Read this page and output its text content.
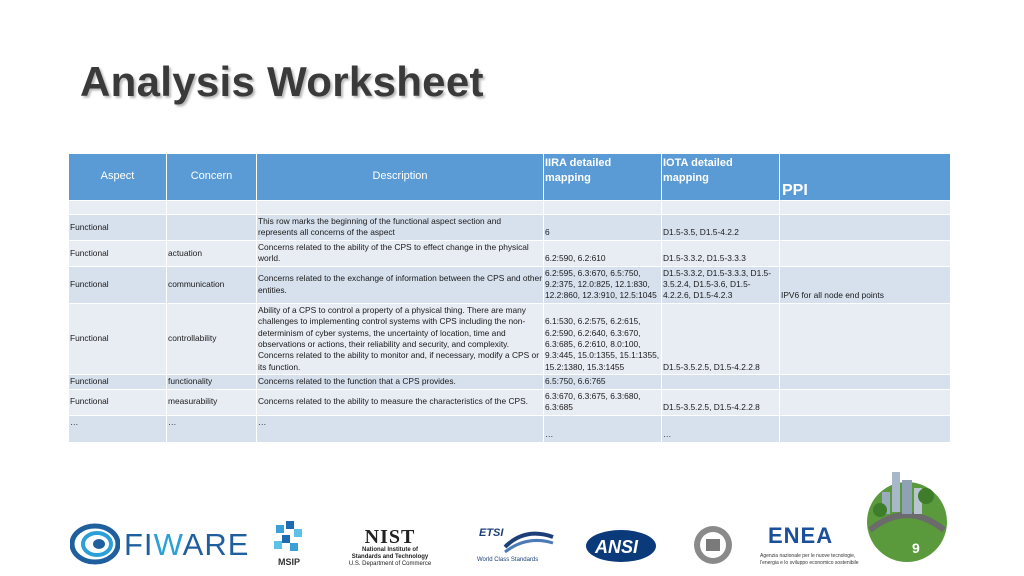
Analysis Worksheet
Aspect	Concern	Description	IIRA detailed mapping	IOTA detailed mapping	PPI

Functional		This row marks the beginning of the functional aspect section and represents all concerns of the aspect	6	D1.5-3.5, D1.5-4.2.2	
Functional	actuation	Concerns related to the ability of the CPS to effect change in the physical world.	6.2:590, 6.2:610	D1.5-3.3.2, D1.5-3.3.3	
Functional	communication	Concerns related to the exchange of information between the CPS and other entities.	6.2:595, 6.3:670, 6.5:750, 9.2:375, 12.0:825, 12.1:830, 12.2:860, 12.3:910, 12.5:1045	D1.5-3.3.2, D1.5-3.3.3, D1.5-3.5.2.4, D1.5-3.6, D1.5-4.2.2.6, D1.5-4.2.3	IPV6 for all node end points
Functional	controllability	Ability of a CPS to control a property of a physical thing. There are many challenges to implementing control systems with CPS including the non-determinism of cyber systems, the uncertainty of location, time and observations or actions, their reliability and security, and complexity. Concerns related to the ability to monitor and, if necessary, modify a CPS or its function.	6.1:530, 6.2:575, 6.2:615, 6.2:590, 6.2:640, 6.3:670, 6.3:685, 6.2:610, 8.0:100, 9.3:445, 15.0:1355, 15.1:1355, 15.2:1380, 15.3:1455	D1.5-3.5.2.5, D1.5-4.2.2.8	
Functional	functionality	Concerns related to the function that a CPS provides.	6.5:750, 6.6:765		
Functional	measurability	Concerns related to the ability to measure the characteristics of the CPS.	6.3:670, 6.3:675, 6.3:680, 6.3:685	D1.5-3.5.2.5, D1.5-4.2.2.8	
…	…	…	…	…	
FIWARE	MSIP
NIST
National Institute of
Standards and Technology
U.S. Department of Commerce
ETSI
World Class Standards
ANSI	ENEA
Agenzia nazionale per le nuove tecnologie,
l'energia e lo sviluppo economico sostenibile
9
